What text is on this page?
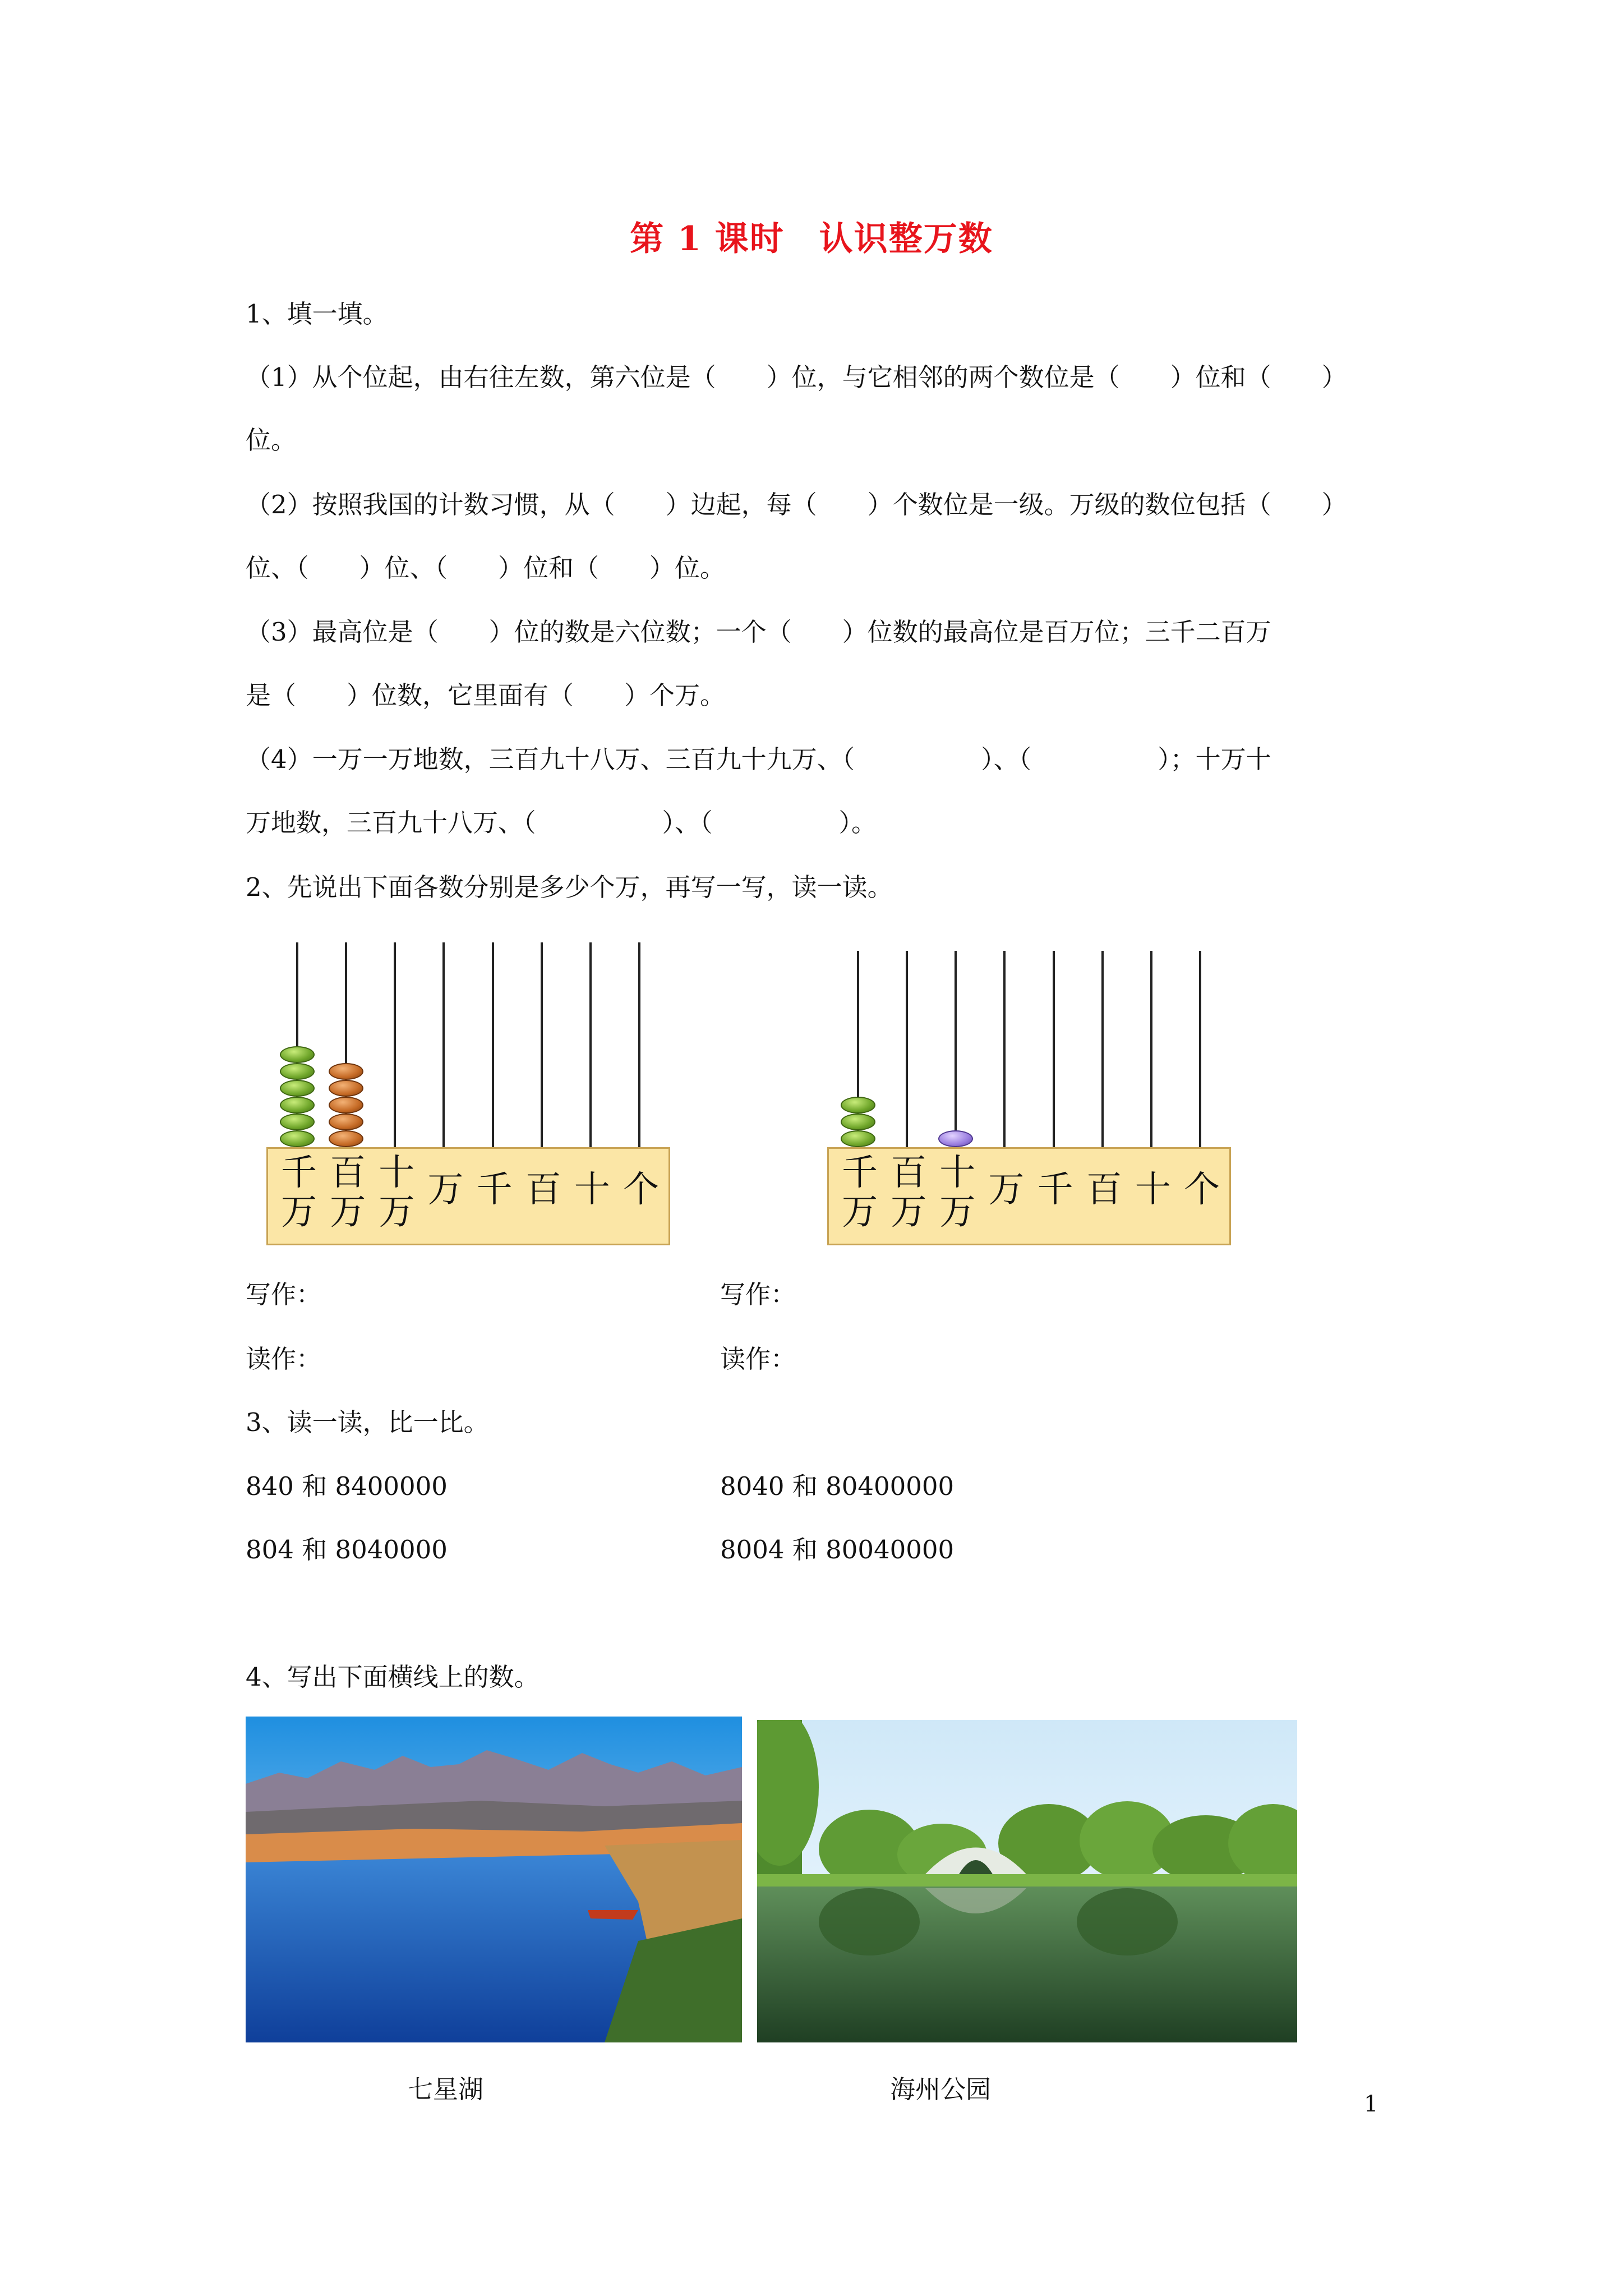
第 1 课时　认识整万数
1、填一填。
（1）从个位起，由右往左数，第六位是（　　）位，与它相邻的两个数位是（　　）位和（　　）
位。
（2）按照我国的计数习惯，从（　　）边起，每（　　）个数位是一级。万级的数位包括（　　）
位、（　　）位、（　　）位和（　　）位。
（3）最高位是（　　）位的数是六位数；一个（　　）位数的最高位是百万位；三千二百万
是（　　）位数，它里面有（　　）个万。
（4）一万一万地数，三百九十八万、三百九十九万、（　　　　　）、（　　　　　）；十万十
万地数，三百九十八万、（　　　　　）、（　　　　　）。
2、先说出下面各数分别是多少个万，再写一写，读一读。
千
万
百
万
十
万
万 千 百 十 个	千
万
百
万
十
万
万 千 百 十 个
写作：	写作：
读作：	读作：
3、读一读，比一比。
840 和 8400000	8040 和 80400000
804 和 8040000	8004 和 80040000
4、写出下面横线上的数。
七星湖	海州公园	1
